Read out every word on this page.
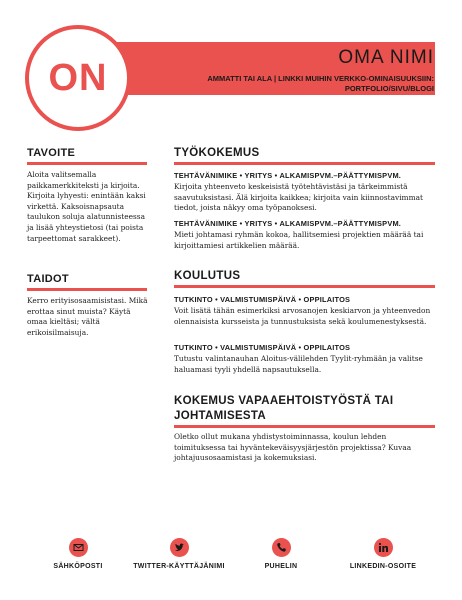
ON	OMA NIMI
AMMATTI TAI ALA | LINKKI MUIHIN VERKKO-OMINAISUUKSIIN: PORTFOLIO/SIVU/BLOGI
TAVOITE
Aloita valitsemalla paikkamerkkiteksti ja kirjoita. Kirjoita lyhyesti: enintään kaksi virkettä. Kaksoisnapsauta taulukon soluja alatunnisteessa ja lisää yhteystietosi (tai poista tarpeettomat sarakkeet).
TAIDOT
Kerro erityisosaamisistasi. Mikä erottaa sinut muista? Käytä omaa kieltäsi; vältä erikoisilmaisuja.
TYÖKOKEMUS
TEHTÄVÄNIMIKE • YRITYS • ALKAMISPVM.–PÄÄTTYMISPVM.
Kirjoita yhteenveto keskeisistä työtehtävistäsi ja tärkeimmistä saavutuksistasi. Älä kirjoita kaikkea; kirjoita vain kiinnostavimmat tiedot, joista näkyy oma työpanoksesi.
TEHTÄVÄNIMIKE • YRITYS • ALKAMISPVM.–PÄÄTTYMISPVM.
Mieti johtamasi ryhmän kokoa, hallitsemiesi projektien määrää tai kirjoittamiesi artikkelien määrää.
KOULUTUS
TUTKINTO • VALMISTUMISPÄIVÄ • OPPILAITOS
Voit lisätä tähän esimerkiksi arvosanojen keskiarvon ja yhteenvedon olennaisista kursseista ja tunnustuksista sekä koulumenestyksestä.
TUTKINTO • VALMISTUMISPÄIVÄ • OPPILAITOS
Tutustu valintanauhan Aloitus-välilehden Tyylit-ryhmään ja valitse haluamasi tyyli yhdellä napsautuksella.
KOKEMUS VAPAAEHTOISTYÖSTÄ TAI JOHTAMISESTA
Oletko ollut mukana yhdistystoiminnassa, koulun lehden toimituksessa tai hyväntekeväisyysjärjestön projektissa? Kuvaa johtajuusosaamistasi ja kokemuksiasi.
SÄHKÖPOSTI	TWITTER-KÄYTTÄJÄNIMI	PUHELIN	LINKEDIN-OSOITE
